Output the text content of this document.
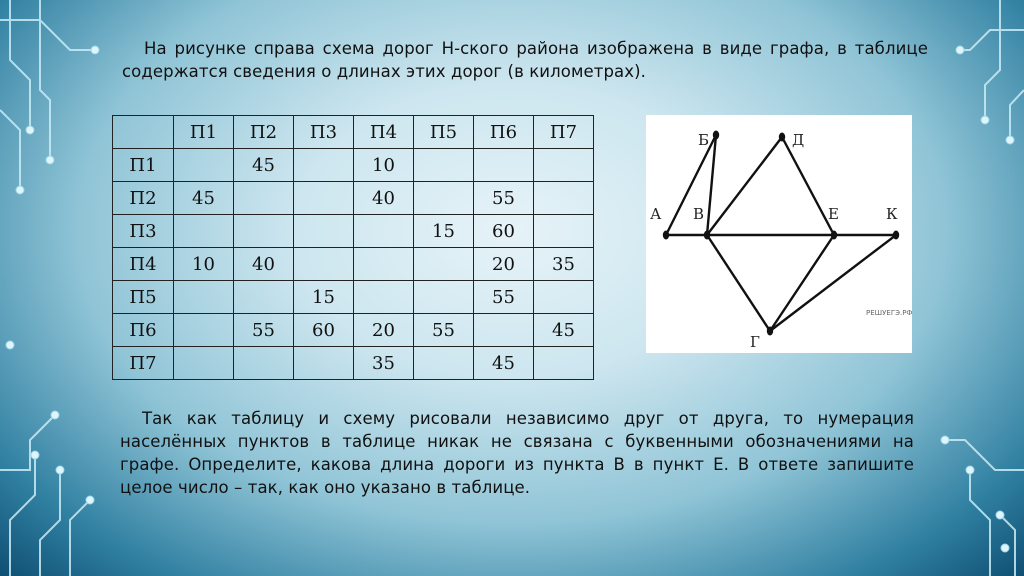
На рисунке справа схема дорог Н-ского района изображена в виде графа, в таблице содержатся сведения о длинах этих дорог (в километрах).

	П1	П2	П3	П4	П5	П6	П7
П1		45		10			
П2	45			40		55	
П3					15	60	
П4	10	40				20	35
П5			15			55	
П6		55	60	20	55		45
П7				35		45	
Б	Д
А В	Е	К
Г
РЕШУЕГЭ.РФ

Так как таблицу и схему рисовали независимо друг от друга, то нумерация населённых пунктов в таблице никак не связана с буквенными обозначениями на графе. Определите, какова длина дороги из пункта В в пункт Е. В ответе запишите целое число – так, как оно указано в таблице.
